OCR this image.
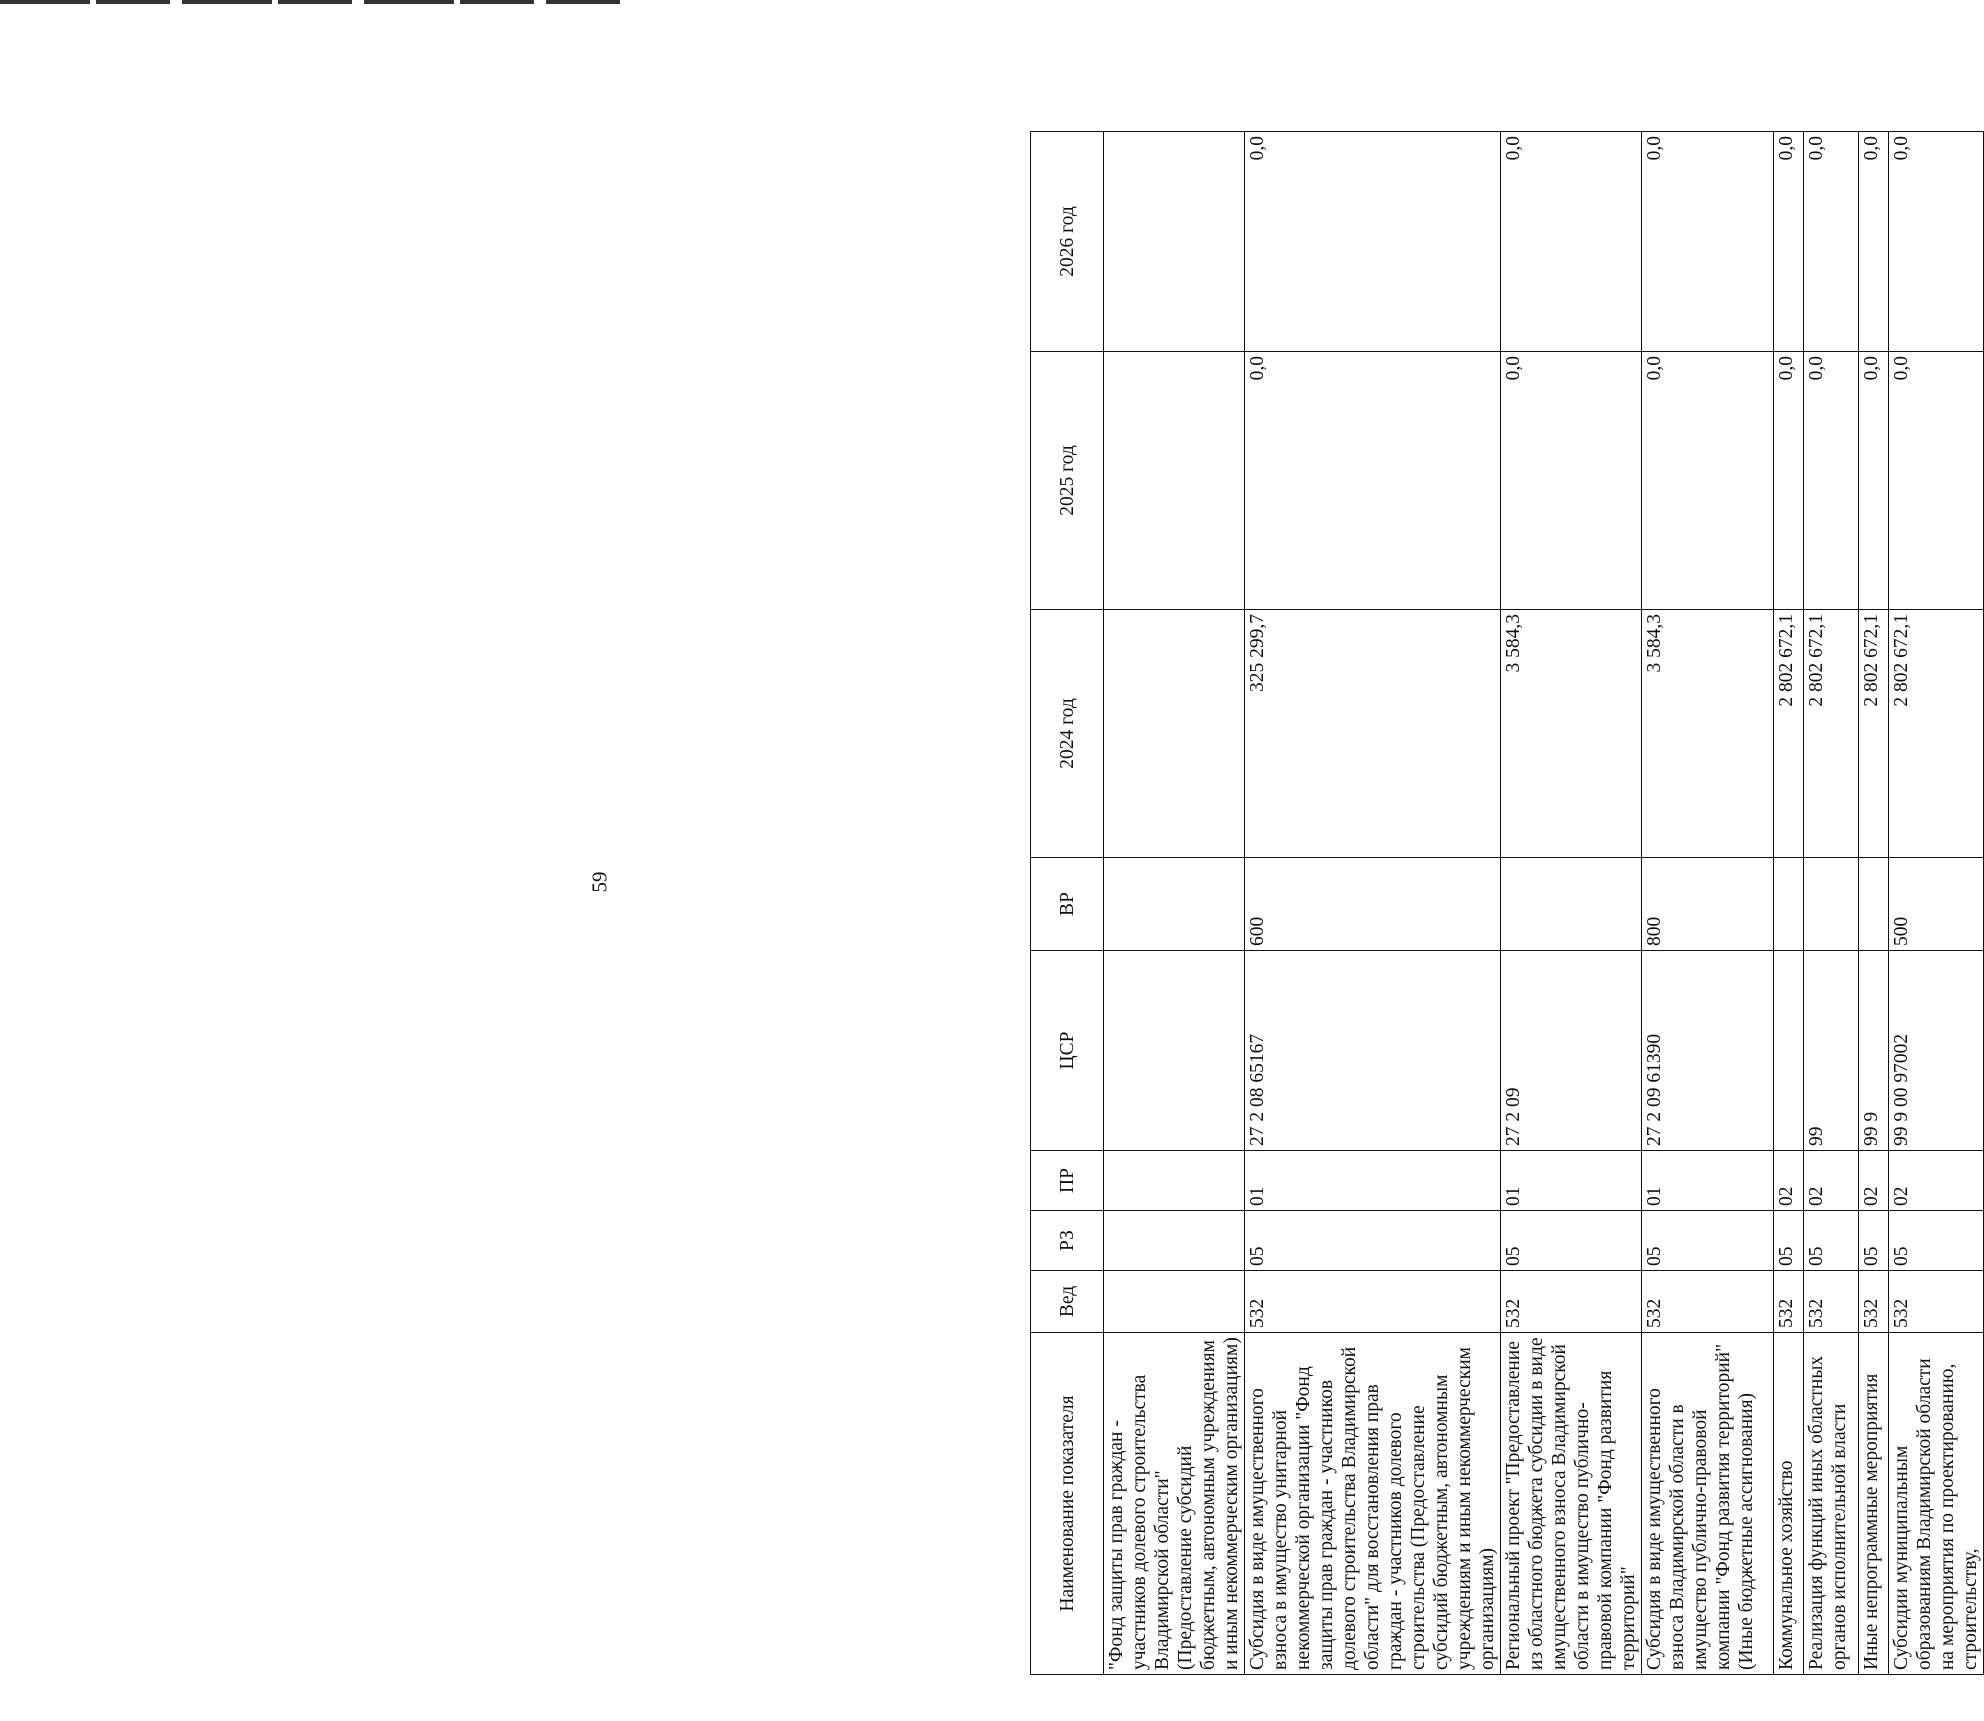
59
Наименование показателя	Вед	РЗ	ПР	ЦСР	ВР	2024 год	2025 год	2026 год
"Фонд защиты прав граждан - участников долевого строительства Владимирской области" (Предоставление субсидий бюджетным, автономным учреждениям и иным некоммерческим организациям)								
Субсидия в виде имущественного взноса в имущество унитарной некоммерческой организации "Фонд защиты прав граждан - участников долевого строительства Владимирской области" для восстановления прав граждан - участников долевого строительства (Предоставление субсидий бюджетным, автономным учреждениям и иным некоммерческим организациям)	532	05	01	27 2 08 65167	600	325 299,7	0,0	0,0
Региональный проект "Предоставление из областного бюджета субсидии в виде имущественного взноса Владимирской области в имущество публично-правовой компании "Фонд развития территорий"	532	05	01	27 2 09		3 584,3	0,0	0,0
Субсидия в виде имущественного взноса Владимирской области в имущество публично-правовой компании "Фонд развития территорий" (Иные бюджетные ассигнования)	532	05	01	27 2 09 61390	800	3 584,3	0,0	0,0
Коммунальное хозяйство	532	05	02			2 802 672,1	0,0	0,0
Реализация функций иных областных органов исполнительной власти	532	05	02	99		2 802 672,1	0,0	0,0
Иные непрограммные мероприятия	532	05	02	99 9		2 802 672,1	0,0	0,0
Субсидии муниципальным образованиям Владимирской области на мероприятия по проектированию, строительству,	532	05	02	99 9 00 97002	500	2 802 672,1	0,0	0,0
